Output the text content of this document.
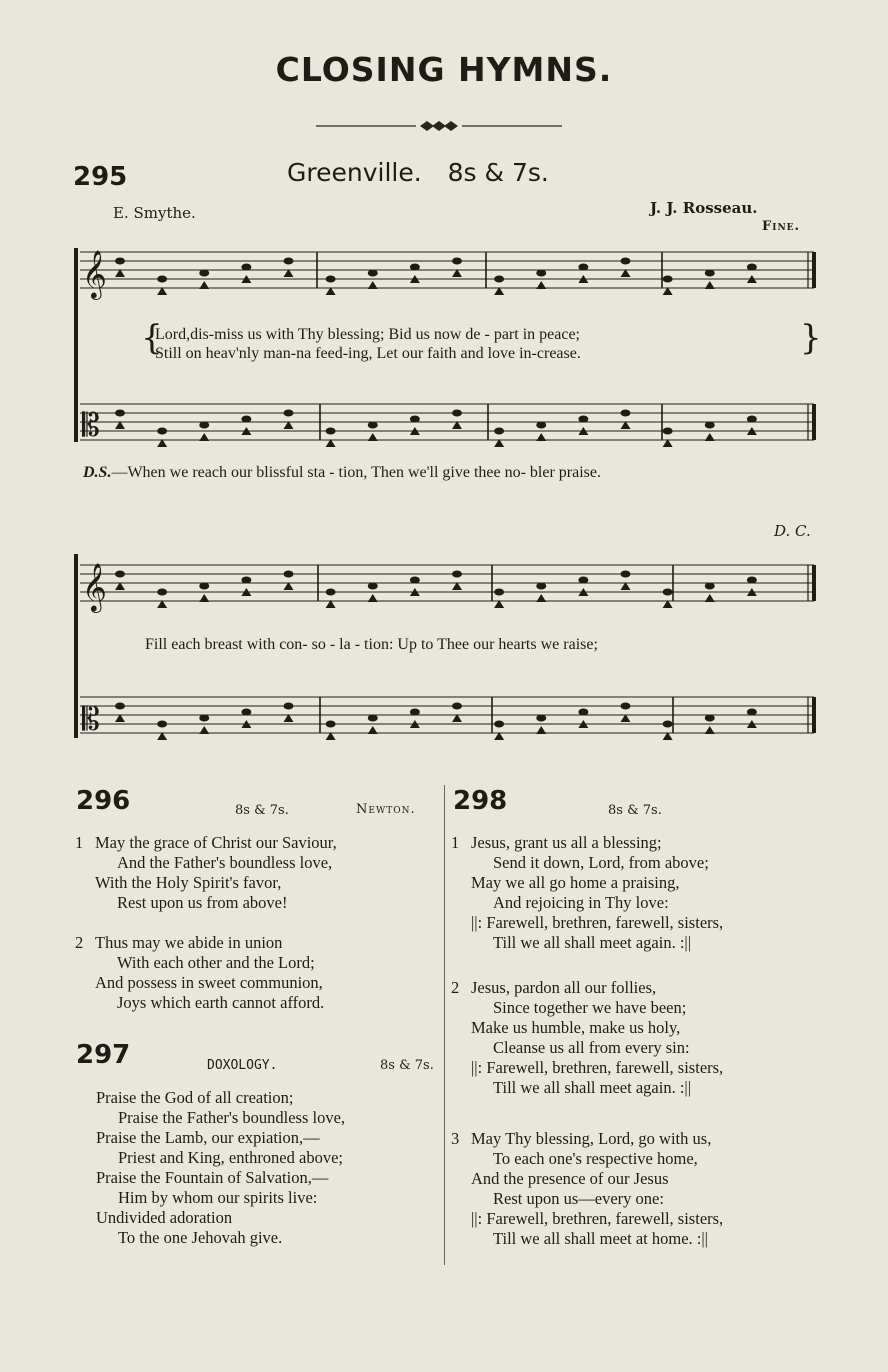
CLOSING HYMNS.
295	Greenville. 8s & 7s.
E. Smythe.	J. J. Rosseau.
Fine.
𝄞
𝄡
𝄞
𝄡
{
Lord,dis-miss us with Thy blessing; Bid us now de - part in peace;
Still on heav'nly man-na feed-ing, Let our faith and love in-crease.	}
D.S.—When we reach our blissful sta - tion, Then we'll give thee no- bler praise.
D. C.
Fill each breast with con- so - la - tion: Up to Thee our hearts we raise;
296	8s & 7s.	Newton.
1 May the grace of Christ our Saviour,
And the Father's boundless love,
With the Holy Spirit's favor,
Rest upon us from above!
2 Thus may we abide in union
With each other and the Lord;
And possess in sweet communion,
Joys which earth cannot afford.
297	DOXOLOGY.	8s & 7s.
Praise the God of all creation;
Praise the Father's boundless love,
Praise the Lamb, our expiation,—
Priest and King, enthroned above;
Praise the Fountain of Salvation,—
Him by whom our spirits live:
Undivided adoration
To the one Jehovah give.
298	8s & 7s.
1 Jesus, grant us all a blessing;
Send it down, Lord, from above;
May we all go home a praising,
And rejoicing in Thy love:
||: Farewell, brethren, farewell, sisters,
Till we all shall meet again. :||
2 Jesus, pardon all our follies,
Since together we have been;
Make us humble, make us holy,
Cleanse us all from every sin:
||: Farewell, brethren, farewell, sisters,
Till we all shall meet again. :||
3 May Thy blessing, Lord, go with us,
To each one's respective home,
And the presence of our Jesus
Rest upon us—every one:
||: Farewell, brethren, farewell, sisters,
Till we all shall meet at home. :||
